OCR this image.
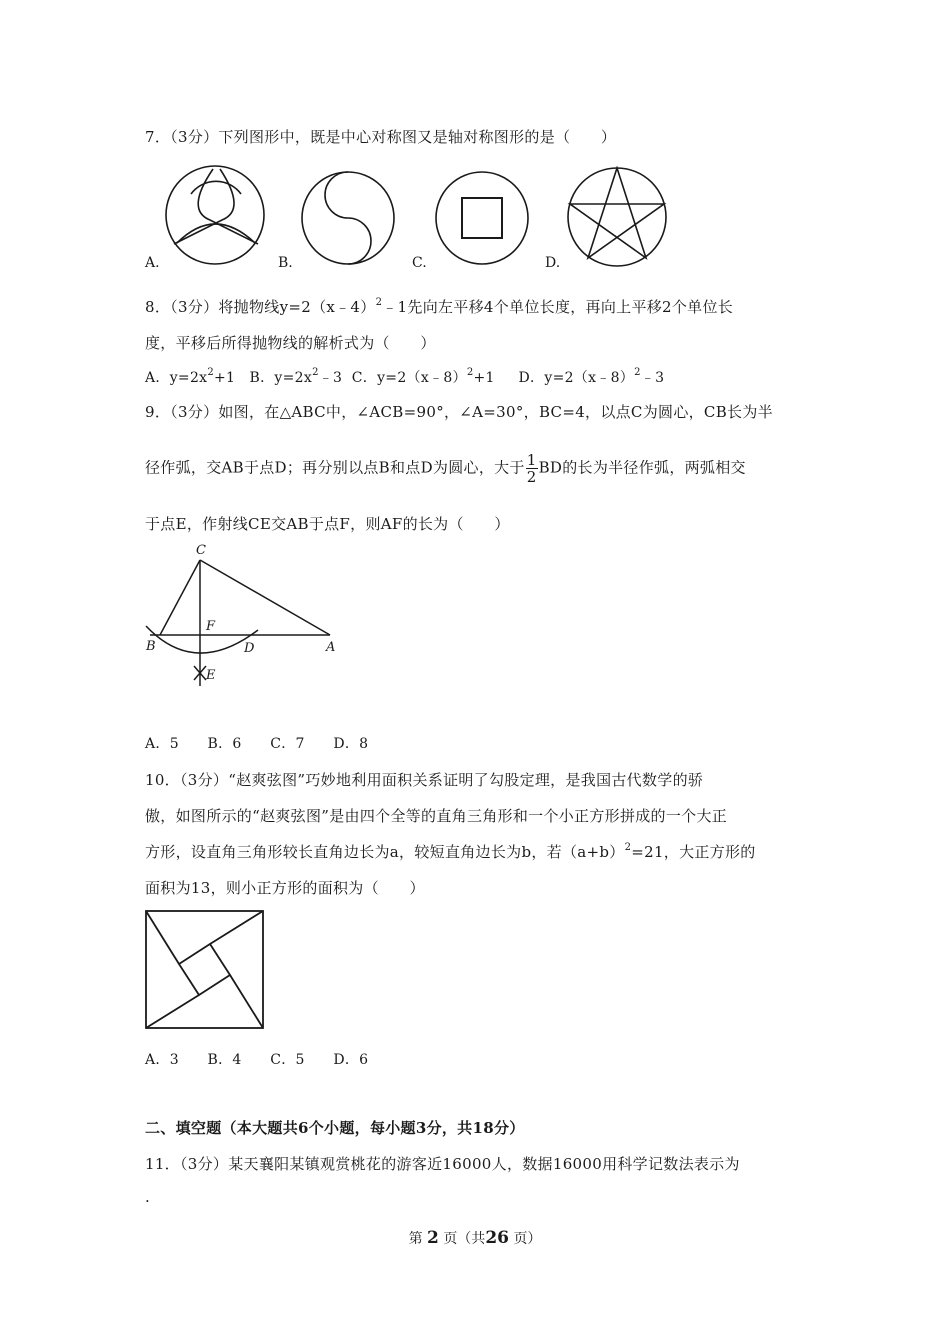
7．（3分）下列图形中，既是中心对称图又是轴对称图形的是（　　）
A.	B.	C.	D.
8．（3分）将抛物线y=2（x﹣4）$^2$﹣1先向左平移4个单位长度，再向上平移2个单位长
度，平移后所得抛物线的解析式为（　　）
A．$y=2x^2+1$ B．$y=2x^2﹣3$ C．y=2（x﹣8）$^2$+1 D．y=2（x﹣8）$^2$﹣3
9．（3分）如图，在△ABC中，∠ACB=90°，∠A=30°，BC=4，以点C为圆心，CB长为半
径作弧，交AB于点D；再分别以点B和点D为圆心，大于 $\frac{1}{2}$ BD的长为半径作弧，两弧相交
于点E，作射线CE交AB于点F，则AF的长为（　　）
C
F
B	D	A
E
A．5　　B．6　　C．7　　D．8
10．（3分）“赵爽弦图”巧妙地利用面积关系证明了勾股定理，是我国古代数学的骄
傲，如图所示的“赵爽弦图”是由四个全等的直角三角形和一个小正方形拼成的一个大正
方形，设直角三角形较长直角边长为a，较短直角边长为b，若$(a+b)^2=21$，大正方形的
面积为13，则小正方形的面积为（　　）
A．3　　B．4　　C．5　　D．6
二、填空题（本大题共6个小题，每小题3分，共18分）
11．（3分）某天襄阳某镇观赏桃花的游客近16000人，数据16000用科学记数法表示为
.
第 2 页（共26 页）
